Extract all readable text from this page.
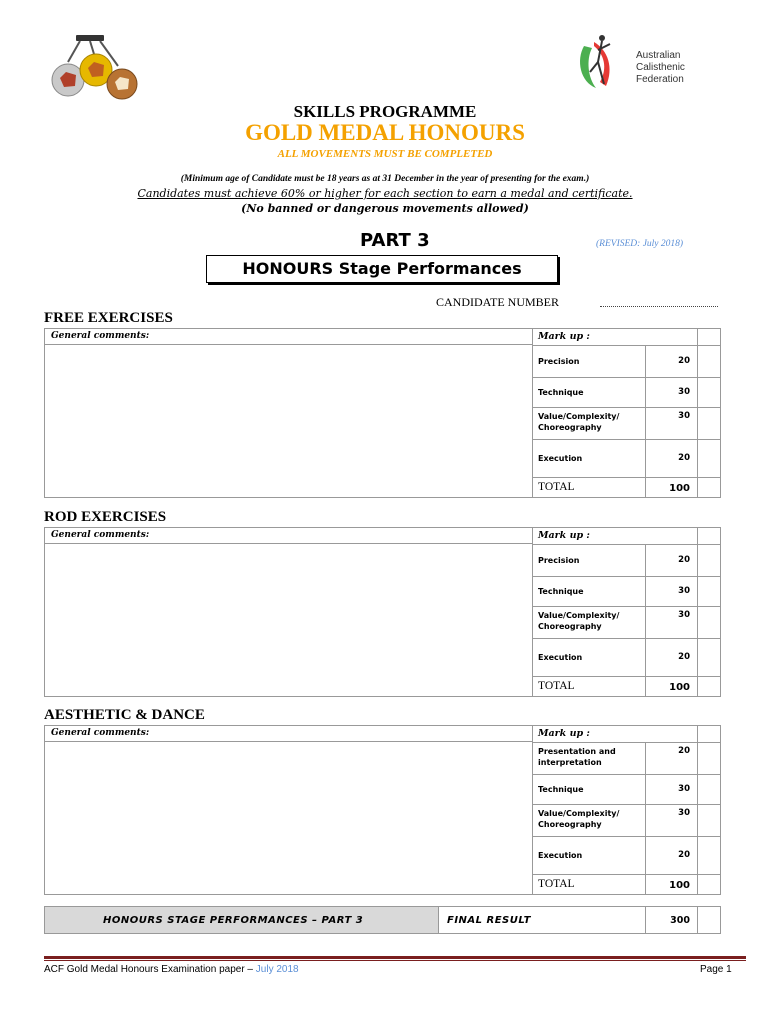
Australian
Calisthenic
Federation
SKILLS PROGRAMME
GOLD MEDAL HONOURS
ALL MOVEMENTS MUST BE COMPLETED
(Minimum age of Candidate must be 18 years as at 31 December in the year of presenting for the exam.)
Candidates must achieve 60% or higher for each section to earn a medal and certificate.
(No banned or dangerous movements allowed)
PART 3	(REVISED: July 2018)
HONOURS Stage Performances
CANDIDATE NUMBER
FREE EXERCISES
General comments:	Mark up :
Precision	20
Technique	30
Value/Complexity/
Choreography
30
Execution	20
TOTAL	100
ROD EXERCISES
General comments:	Mark up :
Precision	20
Technique	30
Value/Complexity/
Choreography
30
Execution	20
TOTAL	100
AESTHETIC & DANCE
General comments:	Mark up :
Presentation and
interpretation
20
Technique	30
Value/Complexity/
Choreography
30
Execution	20
TOTAL	100
HONOURS STAGE PERFORMANCES – PART 3	FINAL RESULT	300
ACF Gold Medal Honours Examination paper – July 2018	Page 1
